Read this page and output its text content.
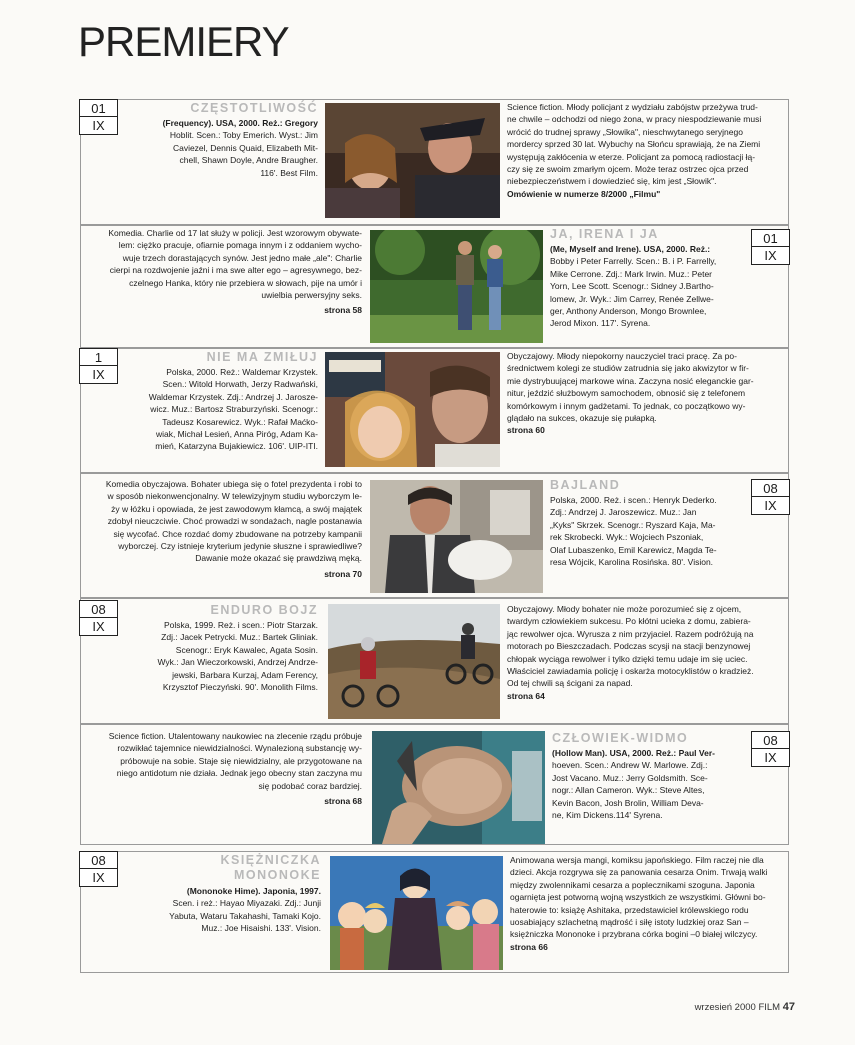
PREMIERY
01
IX
CZĘSTOTLIWOŚĆ
(Frequency). USA, 2000. Reż.: Gregory
Hoblit. Scen.: Toby Emerich. Wyst.: Jim
Caviezel, Dennis Quaid, Elizabeth Mit-
chell, Shawn Doyle, Andre Braugher.
116'. Best Film.
Science fiction. Młody policjant z wydziału zabójstw przeżywa trud-
ne chwile – odchodzi od niego żona, w pracy niespodziewanie musi
wrócić do trudnej sprawy „Słowika", nieschwytanego seryjnego
mordercy sprzed 30 lat. Wybuchy na Słońcu sprawiają, że na Ziemi
występują zakłócenia w eterze. Policjant za pomocą radiostacji łą-
czy się ze swoim zmarłym ojcem. Może teraz ostrzec ojca przed
niebezpieczeństwem i dowiedzieć się, kim jest „Słowik".
Omówienie w numerze 8/2000 „Filmu"
Komedia. Charlie od 17 lat służy w policji. Jest wzorowym obywate-
lem: ciężko pracuje, ofiarnie pomaga innym i z oddaniem wycho-
wuje trzech dorastających synów. Jest jedno małe „ale": Charlie
cierpi na rozdwojenie jaźni i ma swe alter ego – agresywnego, bez-
czelnego Hanka, który nie przebiera w słowach, pije na umór i
uwielbia perwersyjny seks.
strona 58
JA, IRENA I JA
(Me, Myself and Irene). USA, 2000. Reż.:
Bobby i Peter Farrelly. Scen.: B. i P. Farrelly,
Mike Cerrone. Zdj.: Mark Irwin. Muz.: Peter
Yorn, Lee Scott. Scenogr.: Sidney J.Bartho-
lomew, Jr. Wyk.: Jim Carrey, Renée Zellwe-
ger, Anthony Anderson, Mongo Brownlee,
Jerod Mixon. 117'. Syrena.
01
IX
1
IX
NIE MA ZMIŁUJ
Polska, 2000. Reż.: Waldemar Krzystek.
Scen.: Witold Horwath, Jerzy Radwański,
Waldemar Krzystek. Zdj.: Andrzej J. Jarosze-
wicz. Muz.: Bartosz Straburzyński. Scenogr.:
Tadeusz Kosarewicz. Wyk.: Rafał Maćko-
wiak, Michał Lesień, Anna Piróg, Adam Ka-
mień, Katarzyna Bujakiewicz. 106'. UIP-ITI.
Obyczajowy. Młody niepokorny nauczyciel traci pracę. Za po-
średnictwem kolegi ze studiów zatrudnia się jako akwizytor w fir-
mie dystrybuującej markowe wina. Zaczyna nosić eleganckie gar-
nitur, jeździć służbowym samochodem, obnosić się z telefonem
komórkowym i innym gadżetami. To jednak, co początkowo wy-
glądało na sukces, okazuje się pułapką.
strona 60
Komedia obyczajowa. Bohater ubiega się o fotel prezydenta i robi to
w sposób niekonwencjonalny. W telewizyjnym studiu wyborczym le-
ży w łóżku i opowiada, że jest zawodowym kłamcą, a swój majątek
zdobył nieuczciwie. Choć prowadzi w sondażach, nagle postanawia
się wycofać. Chce rozdać domy zbudowane na potrzeby kampanii
wyborczej. Czy istnieje kryterium jedynie słuszne i sprawiedliwe?
Dawanie może okazać się prawdziwą męką.
strona 70
BAJLAND
Polska, 2000. Reż. i scen.: Henryk Dederko.
Zdj.: Andrzej J. Jaroszewicz. Muz.: Jan
„Kyks" Skrzek. Scenogr.: Ryszard Kaja, Ma-
rek Skrobecki. Wyk.: Wojciech Pszoniak,
Olaf Lubaszenko, Emil Karewicz, Magda Te-
resa Wójcik, Karolina Rosińska. 80'. Vision.
08
IX
08
IX
ENDURO BOJZ
Polska, 1999. Reż. i scen.: Piotr Starzak.
Zdj.: Jacek Petrycki. Muz.: Bartek Gliniak.
Scenogr.: Eryk Kawalec, Agata Sosin.
Wyk.: Jan Wieczorkowski, Andrzej Andrze-
jewski, Barbara Kurzaj, Adam Ferency,
Krzysztof Pieczyński. 90'. Monolith Films.
Obyczajowy. Młody bohater nie może porozumieć się z ojcem,
twardym człowiekiem sukcesu. Po kłótni ucieka z domu, zabiera-
jąc rewolwer ojca. Wyrusza z nim przyjaciel. Razem podróżują na
motorach po Bieszczadach. Podczas scysji na stacji benzynowej
chłopak wyciąga rewolwer i tylko dzięki temu udaje im się uciec.
Właściciel zawiadamia policję i oskarża motocyklistów o kradzież.
Od tej chwili są ścigani za napad.
strona 64
Science fiction. Utalentowany naukowiec na zlecenie rządu próbuje
rozwikłać tajemnice niewidzialności. Wynalezioną substancję wy-
próbowuje na sobie. Staje się niewidzialny, ale przygotowane na
niego antidotum nie działa. Jednak jego obecny stan zaczyna mu
się podobać coraz bardziej.
strona 68
CZŁOWIEK-WIDMO
(Hollow Man). USA, 2000. Reż.: Paul Ver-
hoeven. Scen.: Andrew W. Marlowe. Zdj.:
Jost Vacano. Muz.: Jerry Goldsmith. Sce-
nogr.: Allan Cameron. Wyk.: Steve Altes,
Kevin Bacon, Josh Brolin, William Deva-
ne, Kim Dickens.114' Syrena.
08
IX
08
IX
KSIĘŻNICZKA
MONONOKE
(Mononoke Hime). Japonia, 1997.
Scen. i reż.: Hayao Miyazaki. Zdj.: Junji
Yabuta, Wataru Takahashi, Tamaki Kojo.
Muz.: Joe Hisaishi. 133'. Vision.
Animowana wersja mangi, komiksu japońskiego. Film raczej nie dla
dzieci. Akcja rozgrywa się za panowania cesarza Onim. Trwają walki
między zwolennikami cesarza a poplecznikami szoguna. Japonia
ogarnięta jest potworną wojną wszystkich ze wszystkimi. Główni bo-
haterowie to: książę Ashitaka, przedstawiciel królewskiego rodu
uosabiający szlachetną mądrość i siłę istoty ludzkiej oraz San –
księżniczka Mononoke i przybrana córka bogini –0 białej wilczycy.
strona 66
wrzesień 2000 FILM 47
